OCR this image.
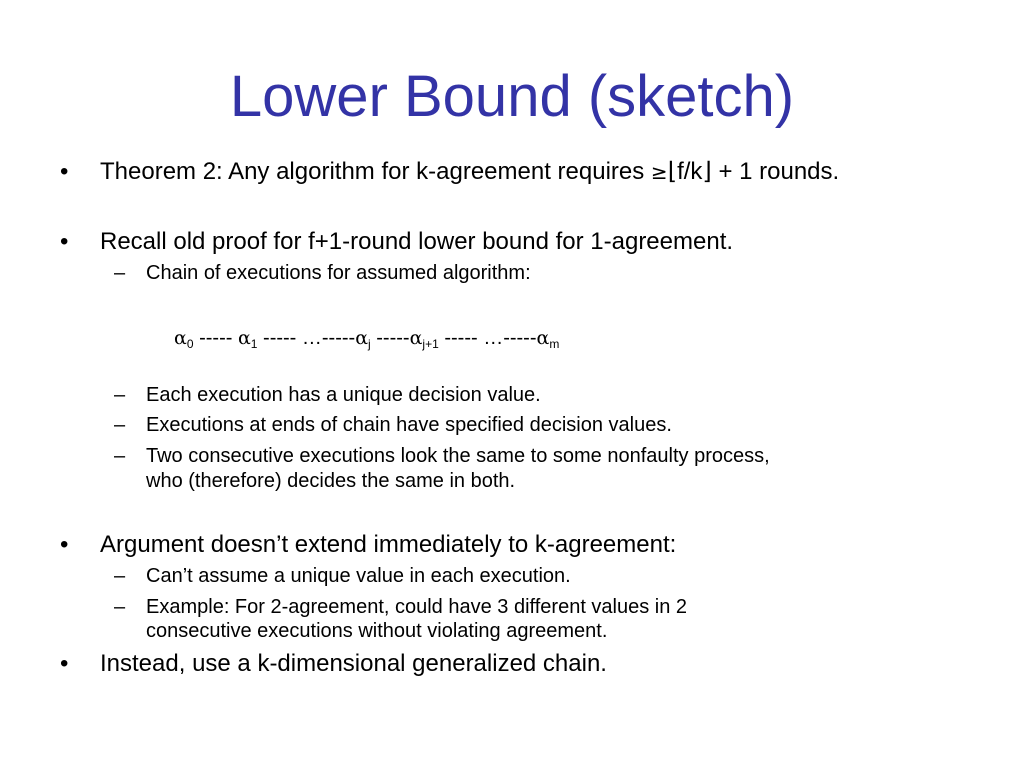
Lower Bound (sketch)
• Theorem 2: Any algorithm for k-agreement requires ≥⌊f/k⌋ + 1 rounds.
• Recall old proof for f+1-round lower bound for 1-agreement.
– Chain of executions for assumed algorithm:
$\alpha_0$ ----- $\alpha_1$ ----- $\dots-----\alpha_j$ $-----\alpha_{j+1}$ ----- $\dots-----\alpha_m$
– Each execution has a unique decision value.
– Executions at ends of chain have specified decision values.
– Two consecutive executions look the same to some nonfaulty process,
who (therefore) decides the same in both.
• Argument doesn’t extend immediately to k-agreement:
– Can’t assume a unique value in each execution.
– Example: For 2-agreement, could have 3 different values in 2
consecutive executions without violating agreement.
• Instead, use a k-dimensional generalized chain.
